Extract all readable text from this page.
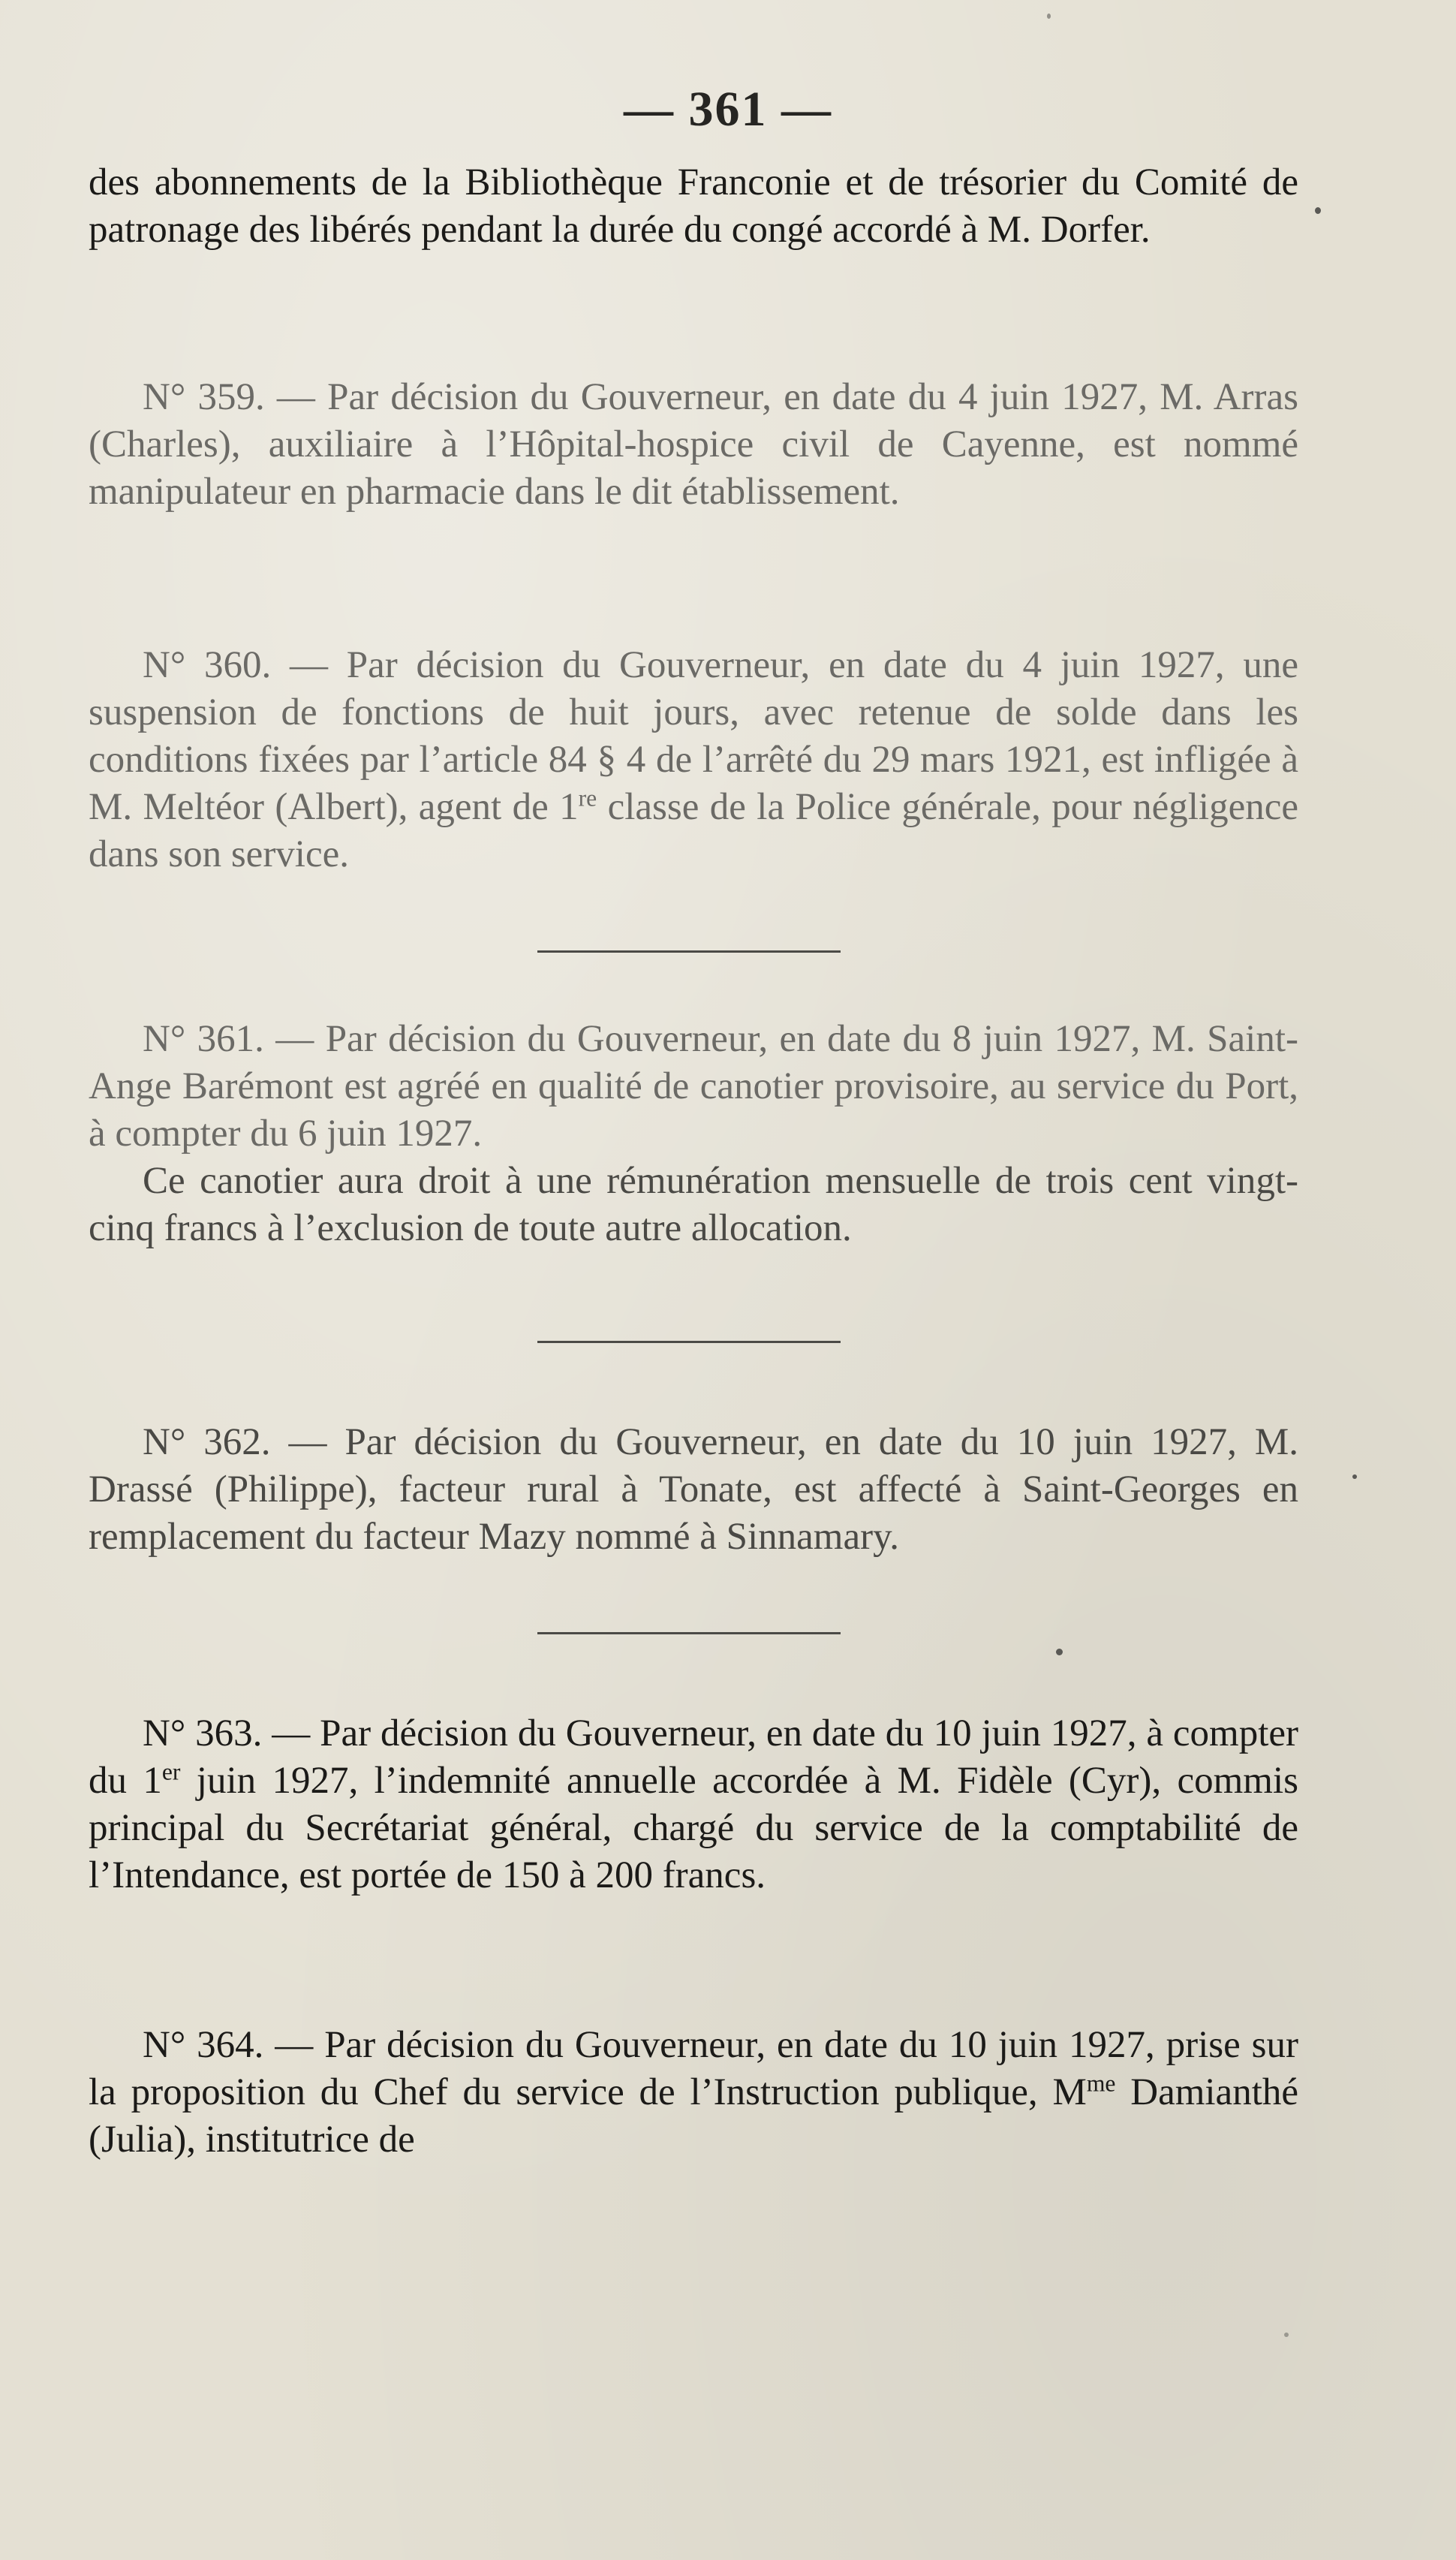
— 361 —

des abonnements de la Bibliothèque Franconie et de trésorier du Comité de patronage des libérés pendant la durée du congé accordé à M. Dorfer.

N° 359. — Par décision du Gouverneur, en date du 4 juin 1927, M. Arras (Charles), auxiliaire à l’Hôpital-hospice civil de Cayenne, est nommé manipulateur en pharmacie dans le dit établissement.

N° 360. — Par décision du Gouverneur, en date du 4 juin 1927, une suspension de fonctions de huit jours, avec retenue de solde dans les conditions fixées par l’article 84 § 4 de l’arrêté du 29 mars 1921, est infligée à M. Meltéor (Albert), agent de 1re classe de la Police générale, pour négligence dans son service.

N° 361. — Par décision du Gouverneur, en date du 8 juin 1927, M. Saint-Ange Barémont est agréé en qualité de canotier provisoire, au service du Port, à compter du 6 juin 1927.

Ce canotier aura droit à une rémunération mensuelle de trois cent vingt-cinq francs à l’exclusion de toute autre allocation.

N° 362. — Par décision du Gouverneur, en date du 10 juin 1927, M. Drassé (Philippe), facteur rural à Tonate, est affecté à Saint-Georges en remplacement du facteur Mazy nommé à Sinnamary.

N° 363. — Par décision du Gouverneur, en date du 10 juin 1927, à compter du 1er juin 1927, l’indemnité annuelle accordée à M. Fidèle (Cyr), commis principal du Secrétariat général, chargé du service de la comptabilité de l’Intendance, est portée de 150 à 200 francs.

N° 364. — Par décision du Gouverneur, en date du 10 juin 1927, prise sur la proposition du Chef du service de l’Instruction publique, $M^{me}$ Damianthé (Julia), institutrice de
